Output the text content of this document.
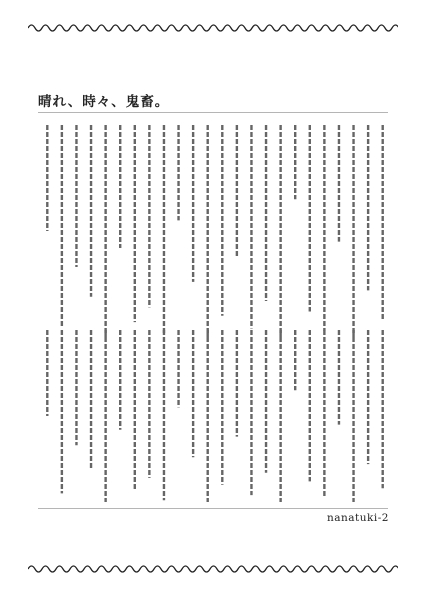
晴れ、時々、鬼畜。
nanatuki-2
